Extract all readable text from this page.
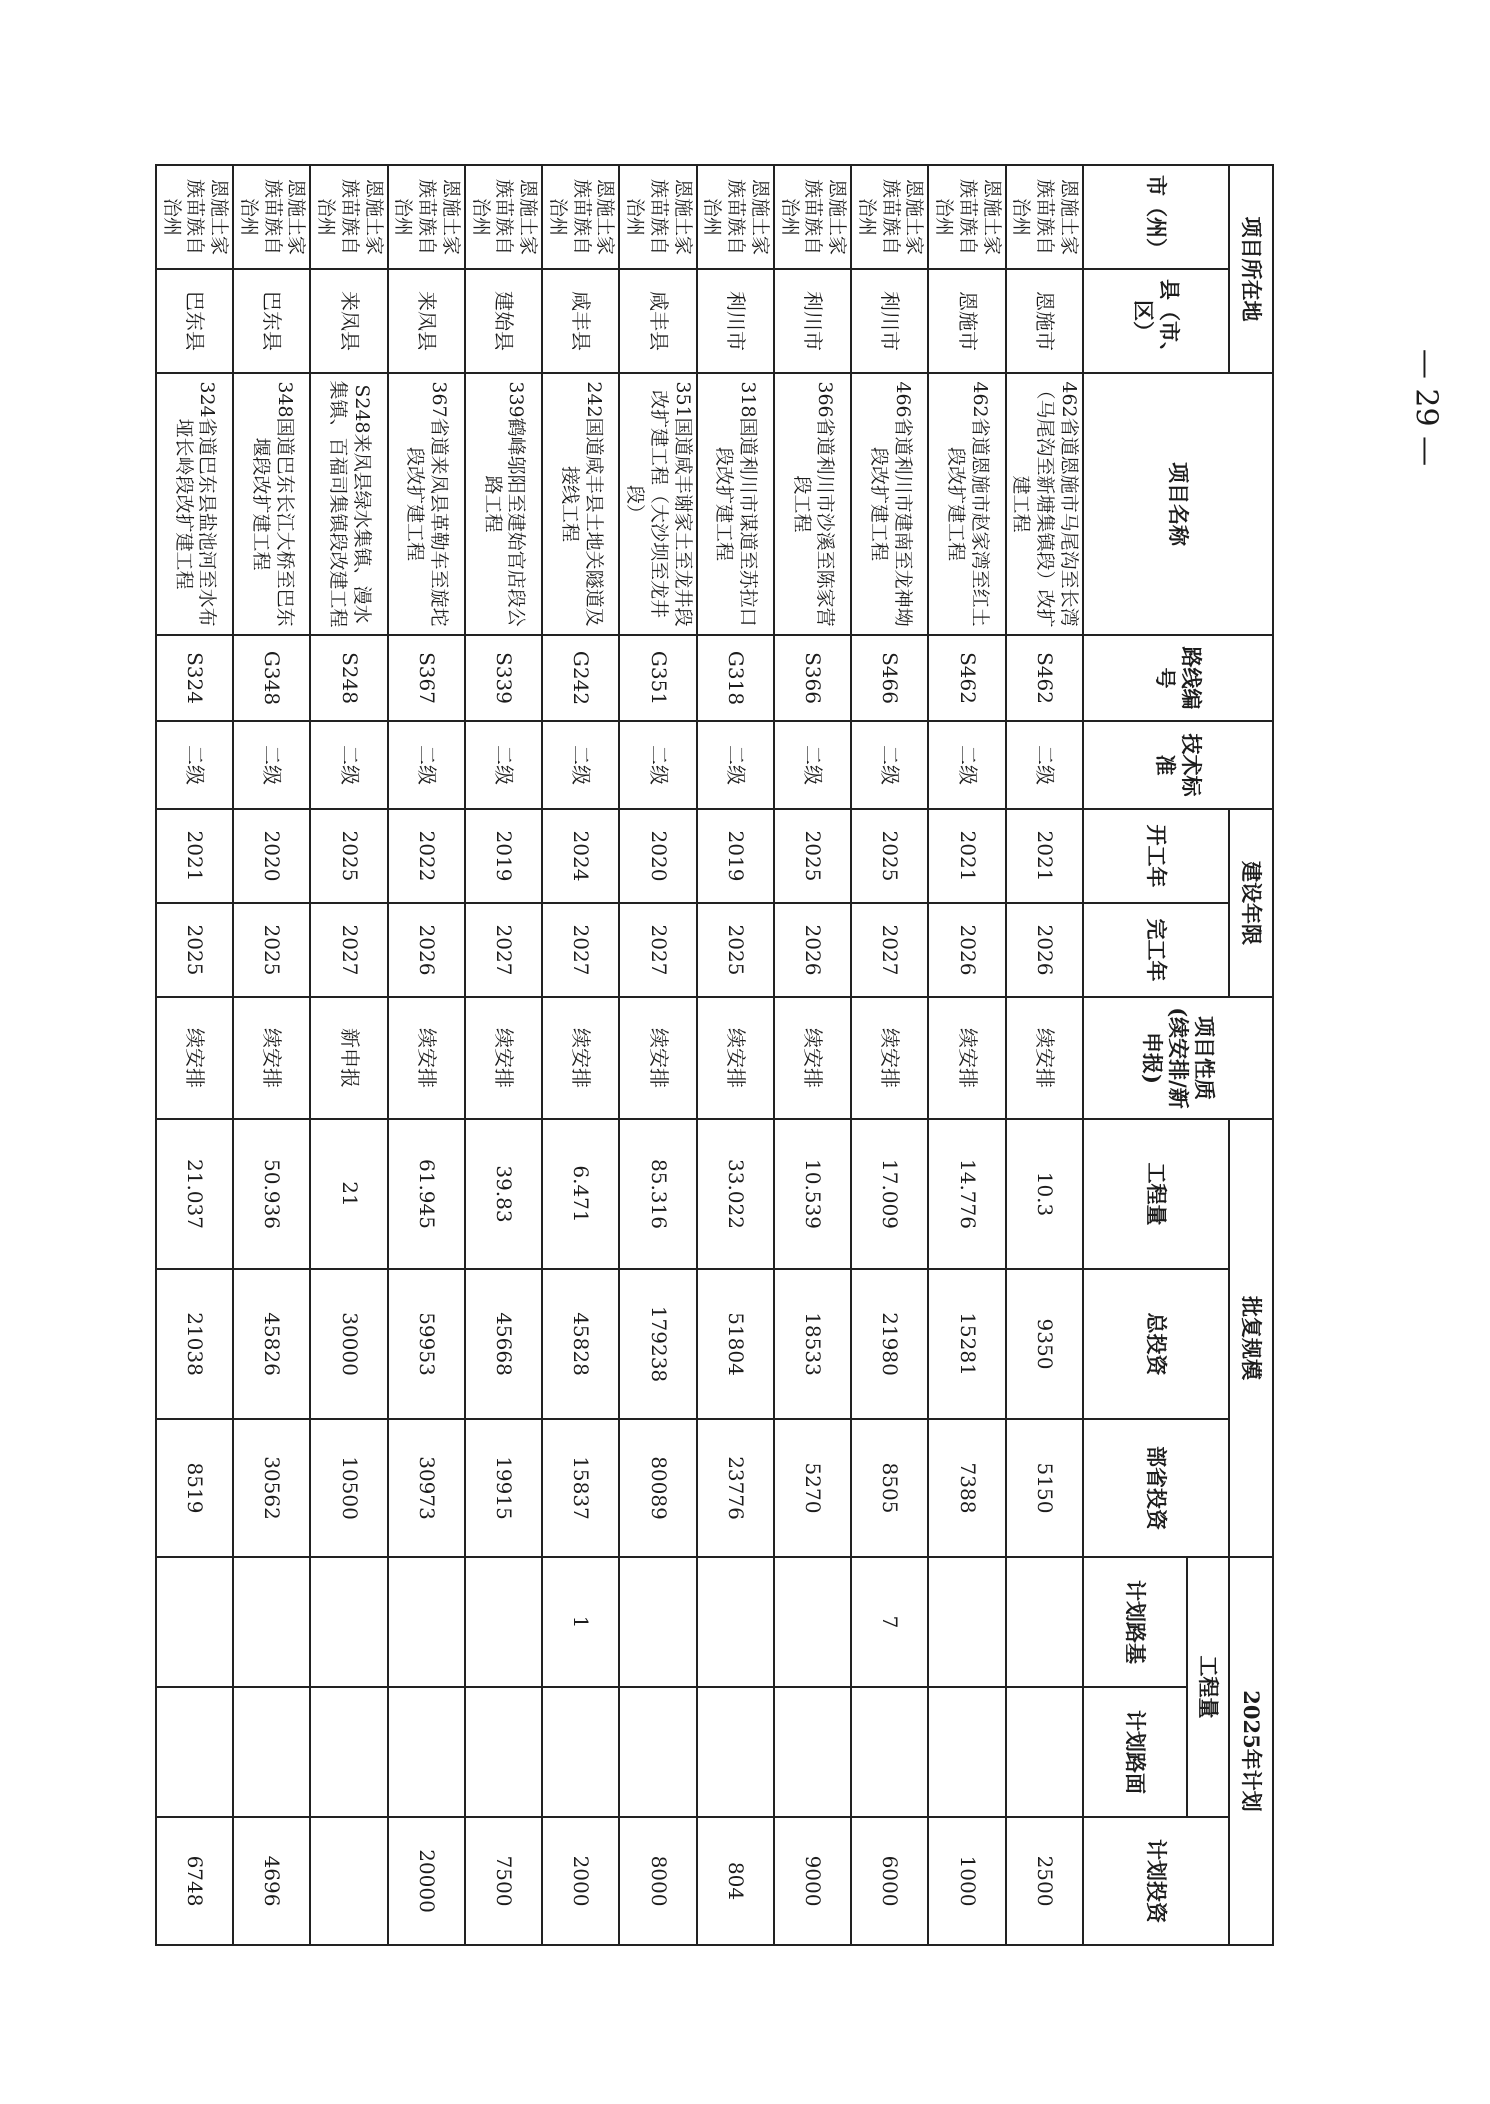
项目所在地		项目名称	路线编号	技术标准	建设年限		项目性质(续安排/新申报)	批复规模			2025年计划		
市（州）	县（市、区）				开工年	完工年		工程量	总投资	部省投资	工程量		计划投资
											计划路基	计划路面	
恩施土家族苗族自治州	恩施市	462省道恩施市马尾沟至长湾（马尾沟至新塘集镇段）改扩建工程	S462	二级	2021	2026	续安排	10.3	9350	5150			2500
恩施土家族苗族自治州	恩施市	462省道恩施市赵家湾至红土段改扩建工程	S462	二级	2021	2026	续安排	14.776	15281	7388			1000
恩施土家族苗族自治州	利川市	466省道利川市建南至龙神坳段改扩建工程	S466	二级	2025	2027	续安排	17.009	21980	8505	7		6000
恩施土家族苗族自治州	利川市	366省道利川市沙溪至陈家营段工程	S366	二级	2025	2026	续安排	10.539	18533	5270			9000
恩施土家族苗族自治州	利川市	318国道利川市谋道至苏拉口段改扩建工程	G318	二级	2019	2025	续安排	33.022	51804	23776			804
恩施土家族苗族自治州	咸丰县	351国道咸丰谢家土至龙井段改扩建工程（大沙坝至龙井段）	G351	二级	2020	2027	续安排	85.316	179238	80089			8000
恩施土家族苗族自治州	咸丰县	242国道咸丰县土地关隧道及接线工程	G242	二级	2024	2027	续安排	6.471	45828	15837	1		2000
恩施土家族苗族自治州	建始县	339鹤峰邬阳至建始官店段公路工程	S339	二级	2019	2027	续安排	39.83	45668	19915			7500
恩施土家族苗族自治州	来凤县	367省道来凤县革勒车至旋坨段改扩建工程	S367	二级	2022	2026	续安排	61.945	59953	30973			20000
恩施土家族苗族自治州	来凤县	S248来凤县绿水集镇、漫水集镇、百福司集镇段改建工程	S248	二级	2025	2027	新申报	21	30000	10500			
恩施土家族苗族自治州	巴东县	348国道巴东长江大桥至巴东堰段改扩建工程	G348	二级	2020	2025	续安排	50.936	45826	30562			4696
恩施土家族苗族自治州	巴东县	324省道巴东县盐池河至水布垭长岭段改扩建工程	S324	二级	2021	2025	续安排	21.037	21038	8519			6748
— 29 —
